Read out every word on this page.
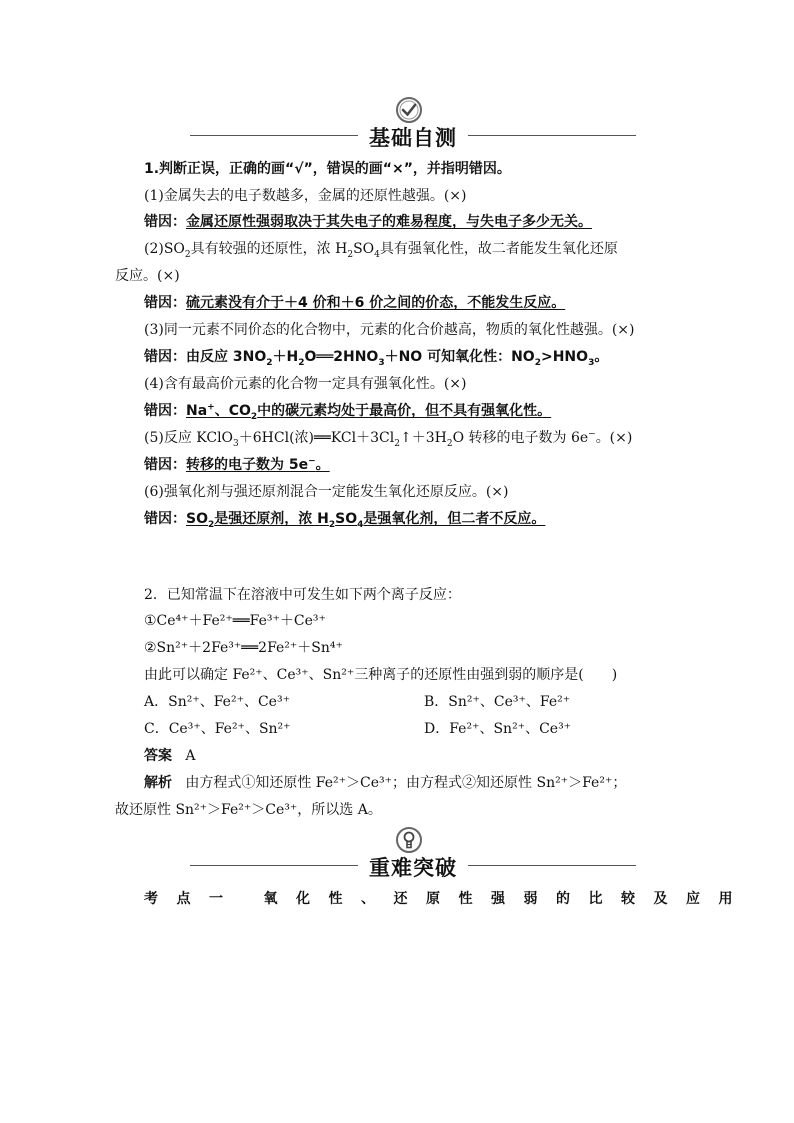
基础自测
1.判断正误，正确的画“√”，错误的画“×”，并指明错因。
(1)金属失去的电子数越多，金属的还原性越强。(×)
错因：金属还原性强弱取决于其失电子的难易程度，与失电子多少无关。
$(2)SO_2$具有较强的还原性，浓 $H_2SO_4$具有强氧化性，故二者能发生氧化还原
反应。(×)
错因：硫元素没有介于＋4 价和＋6 价之间的价态，不能发生反应。
(3)同一元素不同价态的化合物中，元素的化合价越高，物质的氧化性越强。(×)
错因：由反应 $3NO_2+H_2O══2HNO_3+NO$ 可知氧化性：$NO_2>HNO_3$。
(4)含有最高价元素的化合物一定具有强氧化性。(×)
错因：Na+、$CO_2$中的碳元素均处于最高价，但不具有强氧化性。
(5)反应 KClO$_3$＋6HCl(浓)$══KCl+3Cl_2↑+3H_2O$ 转移的电子数为 6e−。(×)
错因：转移的电子数为 5e−。
(6)强氧化剂与强还原剂混合一定能发生氧化还原反应。(×)
错因：$SO_2$是强还原剂，浓 $H_2SO_4$是强氧化剂，但二者不反应。
2．已知常温下在溶液中可发生如下两个离子反应：
①Ce⁴⁺＋Fe²⁺══Fe³⁺＋Ce³⁺
②Sn²⁺＋2Fe³⁺══2Fe²⁺＋Sn⁴⁺
由此可以确定 Fe²⁺、Ce³⁺、Sn²⁺三种离子的还原性由强到弱的顺序是(　　)
A．Sn²⁺、Fe²⁺、Ce³⁺	B．Sn²⁺、Ce³⁺、Fe²⁺
C．Ce³⁺、Fe²⁺、Sn²⁺	D．Fe²⁺、Sn²⁺、Ce³⁺
答案 A
解析 由方程式①知还原性 Fe²⁺＞Ce³⁺；由方程式②知还原性 Sn²⁺＞Fe²⁺；
故还原性 Sn²⁺＞Fe²⁺＞Ce³⁺，所以选 A。
重难突破
考点一 氧化性、还原性强弱的比较及应用
